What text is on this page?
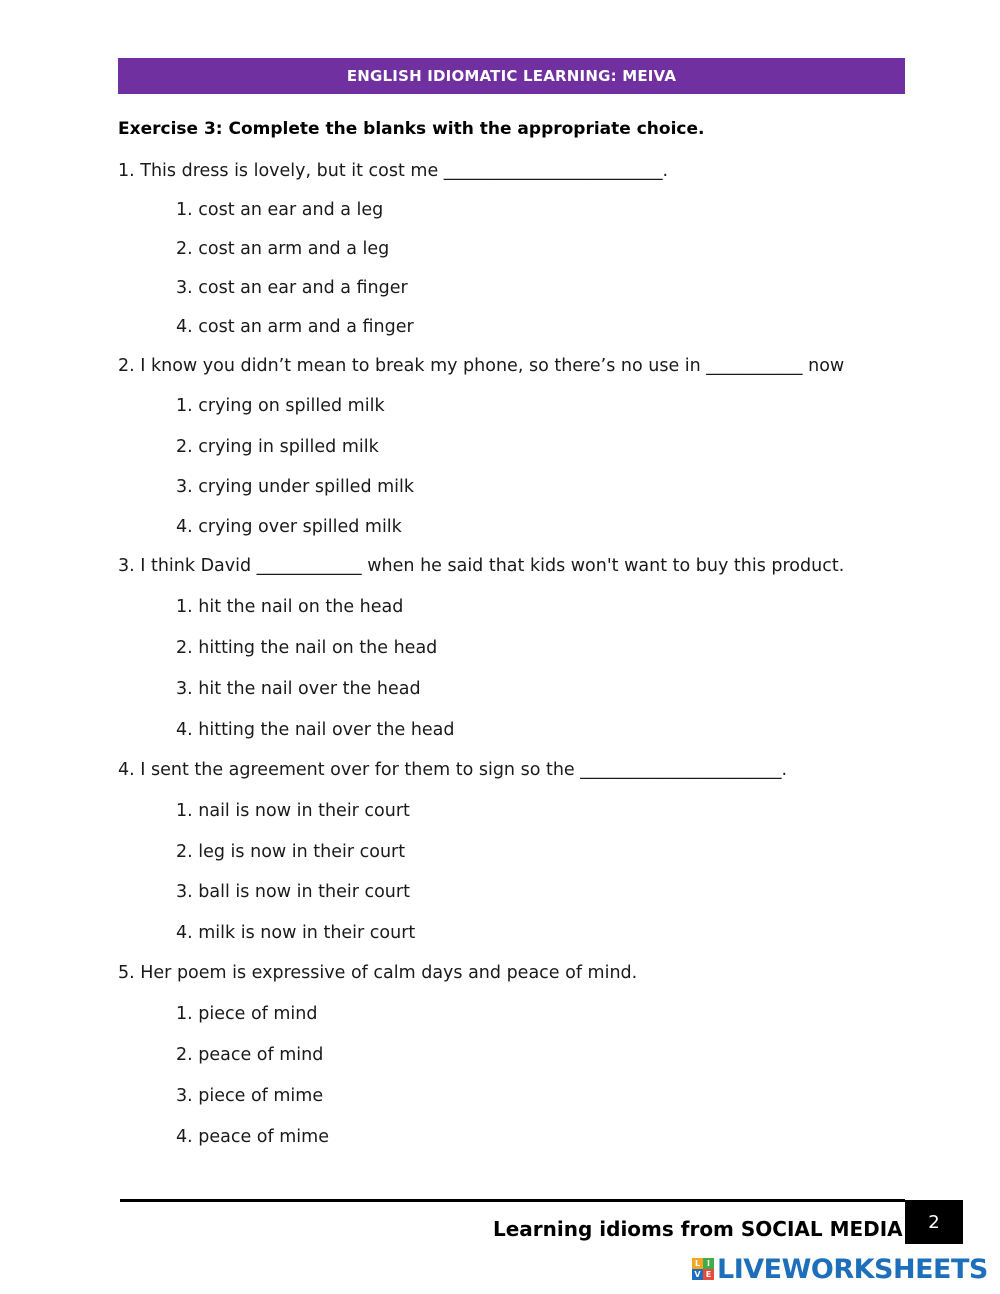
ENGLISH IDIOMATIC LEARNING: MEIVA
Exercise 3: Complete the blanks with the appropriate choice.
1. This dress is lovely, but it cost me _________________________.
1. cost an ear and a leg
2. cost an arm and a leg
3. cost an ear and a finger
4. cost an arm and a finger
2. I know you didn’t mean to break my phone, so there’s no use in ___________ now
1. crying on spilled milk
2. crying in spilled milk
3. crying under spilled milk
4. crying over spilled milk
3. I think David ____________ when he said that kids won't want to buy this product.
1. hit the nail on the head
2. hitting the nail on the head
3. hit the nail over the head
4. hitting the nail over the head
4. I sent the agreement over for them to sign so the _______________________.
1. nail is now in their court
2. leg is now in their court
3. ball is now in their court
4. milk is now in their court
5. Her poem is expressive of calm days and peace of mind.
1. piece of mind
2. peace of mind
3. piece of mime
4. peace of mime
Learning idioms from SOCIAL MEDIA 2
L I
V E LIVEWORKSHEETS
